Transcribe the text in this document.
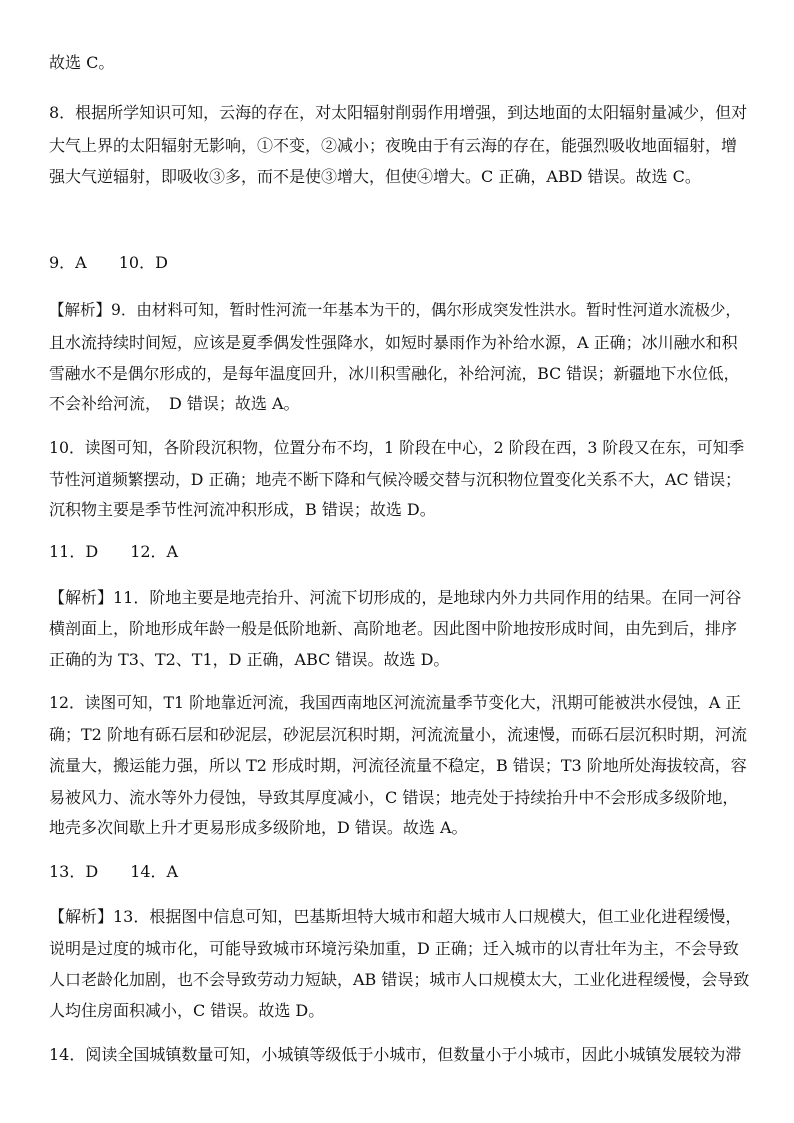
故选 C。
8．根据所学知识可知，云海的存在，对太阳辐射削弱作用增强，到达地面的太阳辐射量减少，但对
大气上界的太阳辐射无影响，①不变，②减小；夜晚由于有云海的存在，能强烈吸收地面辐射，增
强大气逆辐射，即吸收③多，而不是使③增大，但使④增大。C 正确，ABD 错误。故选 C。
9．A　　10．D
【解析】9．由材料可知，暂时性河流一年基本为干的，偶尔形成突发性洪水。暂时性河道水流极少，
且水流持续时间短，应该是夏季偶发性强降水，如短时暴雨作为补给水源，A 正确；冰川融水和积
雪融水不是偶尔形成的，是每年温度回升，冰川积雪融化，补给河流，BC 错误；新疆地下水位低，
不会补给河流，　D 错误；故选 A。
10．读图可知，各阶段沉积物，位置分布不均，1 阶段在中心，2 阶段在西，3 阶段又在东，可知季
节性河道频繁摆动，D 正确；地壳不断下降和气候冷暖交替与沉积物位置变化关系不大，AC 错误；
沉积物主要是季节性河流冲积形成，B 错误；故选 D。
11．D　　12．A
【解析】11．阶地主要是地壳抬升、河流下切形成的，是地球内外力共同作用的结果。在同一河谷
横剖面上，阶地形成年龄一般是低阶地新、高阶地老。因此图中阶地按形成时间，由先到后，排序
正确的为 T3、T2、T1，D 正确，ABC 错误。故选 D。
12．读图可知，T1 阶地靠近河流，我国西南地区河流流量季节变化大，汛期可能被洪水侵蚀，A 正
确；T2 阶地有砾石层和砂泥层，砂泥层沉积时期，河流流量小，流速慢，而砾石层沉积时期，河流
流量大，搬运能力强，所以 T2 形成时期，河流径流量不稳定，B 错误；T3 阶地所处海拔较高，容
易被风力、流水等外力侵蚀，导致其厚度减小，C 错误；地壳处于持续抬升中不会形成多级阶地，
地壳多次间歇上升才更易形成多级阶地，D 错误。故选 A。
13．D　　14．A
【解析】13．根据图中信息可知，巴基斯坦特大城市和超大城市人口规模大，但工业化进程缓慢，
说明是过度的城市化，可能导致城市环境污染加重，D 正确；迁入城市的以青壮年为主，不会导致
人口老龄化加剧，也不会导致劳动力短缺，AB 错误；城市人口规模太大，工业化进程缓慢，会导致
人均住房面积减小，C 错误。故选 D。
14．阅读全国城镇数量可知，小城镇等级低于小城市，但数量小于小城市，因此小城镇发展较为滞
